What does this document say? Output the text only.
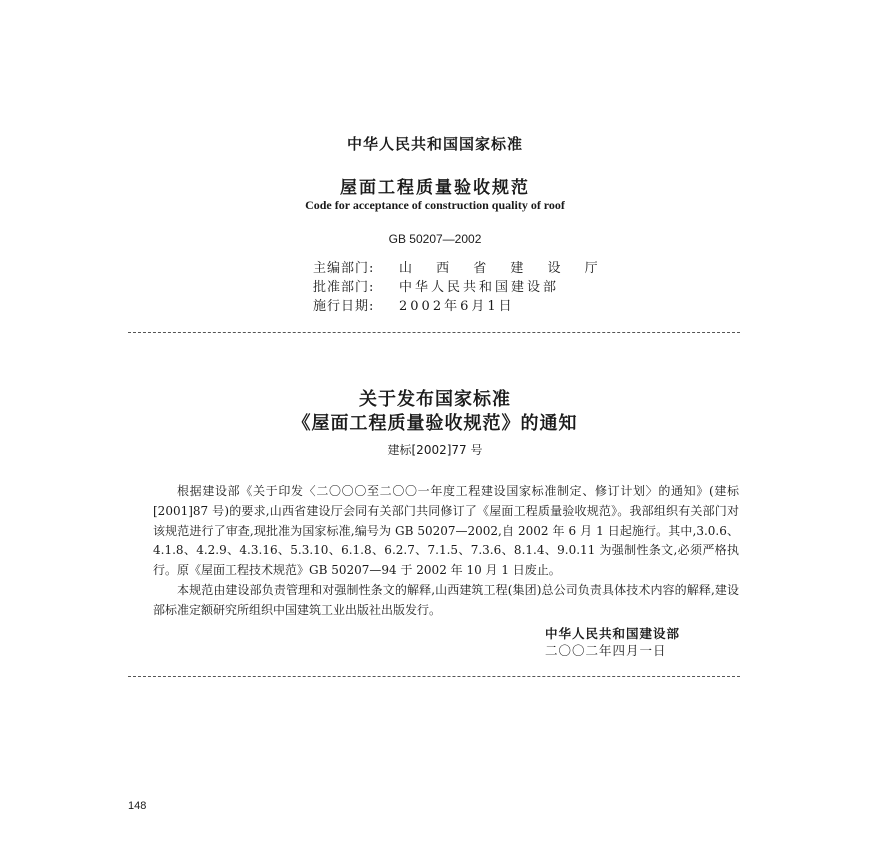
中华人民共和国国家标准
屋面工程质量验收规范
Code for acceptance of construction quality of roof
GB 50207—2002
主编部门: 山 西 省 建 设 厅
批准部门: 中华人民共和国建设部
施行日期: 2002年6月1日
关于发布国家标准
《屋面工程质量验收规范》的通知
建标[2002]77 号

根据建设部《关于印发〈二〇〇〇至二〇〇一年度工程建设国家标准制定、修订计划〉的通知》(建标[2001]87 号)的要求,山西省建设厅会同有关部门共同修订了《屋面工程质量验收规范》。我部组织有关部门对该规范进行了审查,现批准为国家标准,编号为 GB 50207—2002,自 2002 年 6 月 1 日起施行。其中,3.0.6、4.1.8、4.2.9、4.3.16、5.3.10、6.1.8、6.2.7、7.1.5、7.3.6、8.1.4、9.0.11 为强制性条文,必须严格执行。原《屋面工程技术规范》GB 50207—94 于 2002 年 10 月 1 日废止。

本规范由建设部负责管理和对强制性条文的解释,山西建筑工程(集团)总公司负责具体技术内容的解释,建设部标准定额研究所组织中国建筑工业出版社出版发行。

中华人民共和国建设部
二〇〇二年四月一日
148
